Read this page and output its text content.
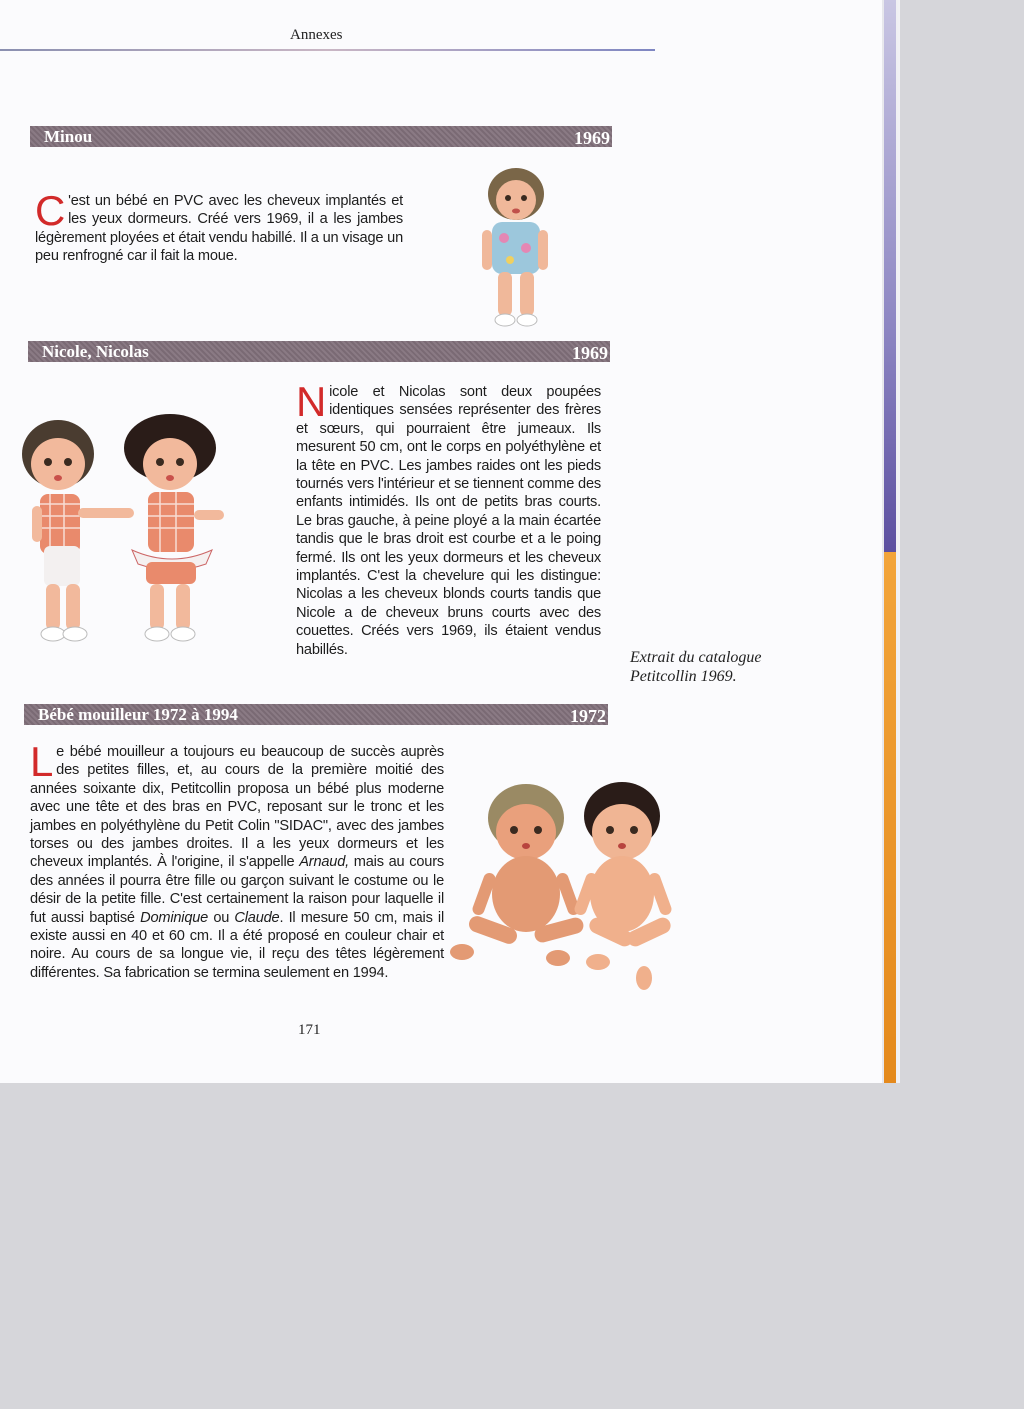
Annexes
Minou	1969
C 'est un bébé en PVC avec les cheveux implantés et les yeux dormeurs. Créé vers 1969, il a les jambes légèrement ployées et était vendu habillé. Il a un visage un peu renfrogné car il fait la moue.
Nicole, Nicolas	1969
Nicole et Nicolas sont deux poupées identiques sensées représenter des frères et sœurs, qui pourraient être jumeaux. Ils mesurent 50 cm, ont le corps en polyéthylène et la tête en PVC. Les jambes raides ont les pieds tournés vers l'intérieur et se tiennent comme des enfants intimidés. Ils ont de petits bras courts. Le bras gauche, à peine ployé a la main écartée tandis que le bras droit est courbe et a le poing fermé. Ils ont les yeux dormeurs et les cheveux implantés. C'est la chevelure qui les distingue: Nicolas a les cheveux blonds courts tandis que Nicole a de cheveux bruns courts avec des couettes. Créés vers 1969, ils étaient vendus habillés.	Extrait du catalogue
Petitcollin 1969.
Bébé mouilleur 1972 à 1994	1972
Le bébé mouilleur a toujours eu beaucoup de succès auprès des petites filles, et, au cours de la première moitié des années soixante dix, Petitcollin proposa un bébé plus moderne avec une tête et des bras en PVC, reposant sur le tronc et les jambes en polyéthylène du Petit Colin "SIDAC", avec des jambes torses ou des jambes droites. Il a les yeux dormeurs et les cheveux implantés. À l'origine, il s'appelle Arnaud, mais au cours des années il pourra être fille ou garçon suivant le costume ou le désir de la petite fille. C'est certainement la raison pour laquelle il fut aussi baptisé Dominique ou Claude. Il mesure 50 cm, mais il existe aussi en 40 et 60 cm. Il a été proposé en couleur chair et noire. Au cours de sa longue vie, il reçu des têtes légèrement différentes. Sa fabrication se termina seulement en 1994.
171
